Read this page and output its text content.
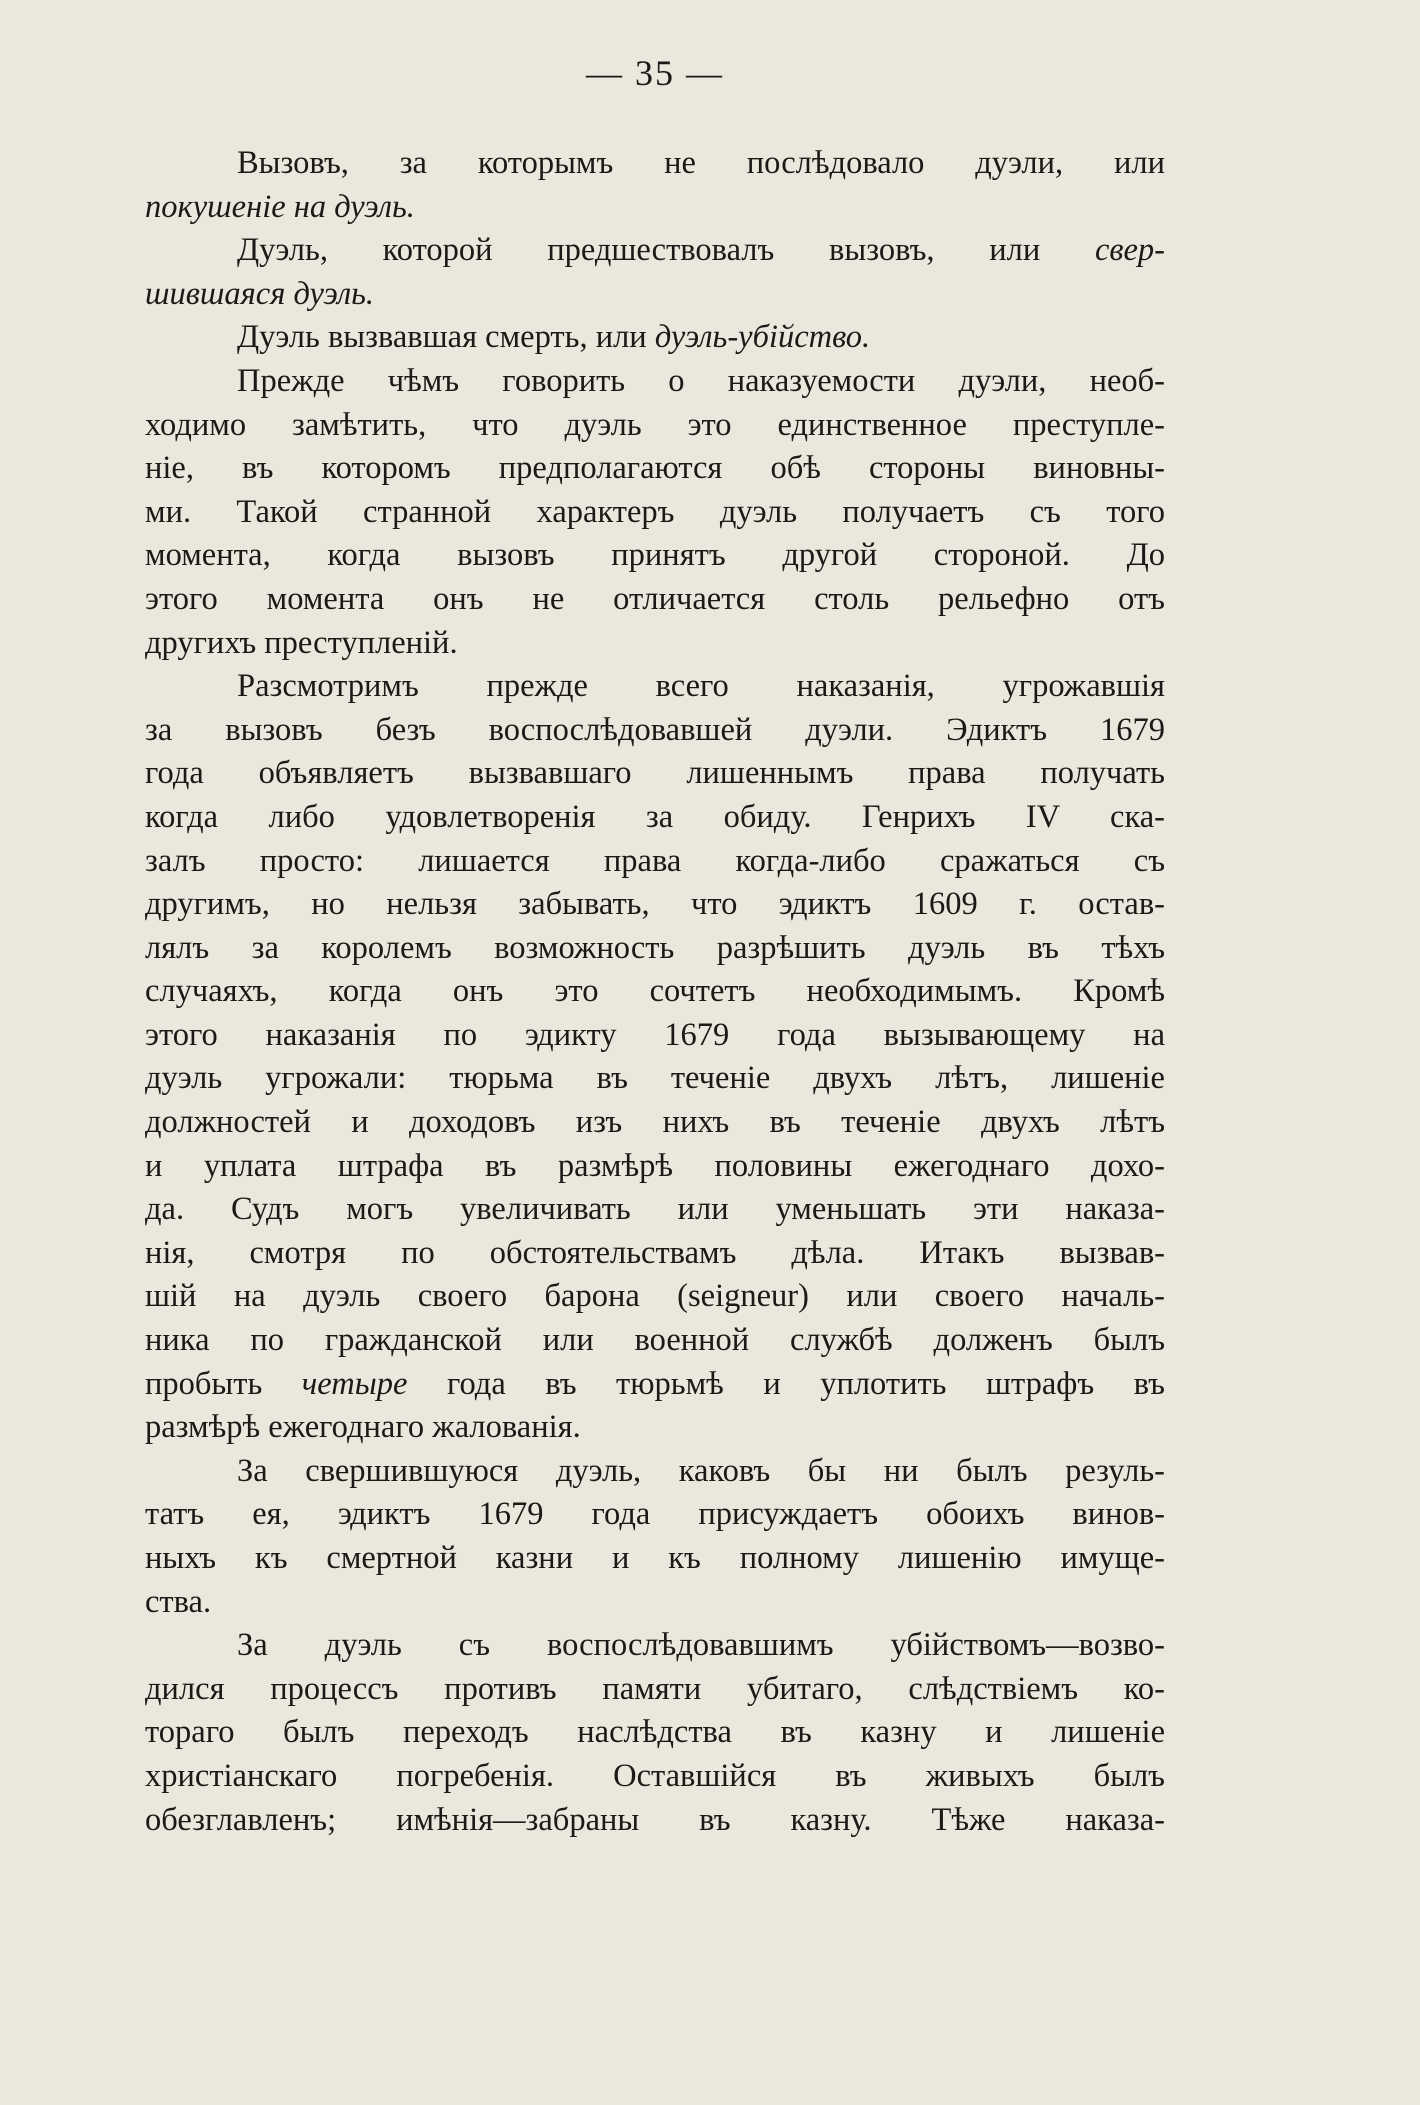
— 35 —
Вызовъ, за которымъ не послѣдовало дуэли, или
покушеніе на дуэль.
Дуэль, которой предшествовалъ вызовъ, или свер-
шившаяся дуэль.
Дуэль вызвавшая смерть, или дуэль-убійство.
Прежде чѣмъ говорить о наказуемости дуэли, необ-
ходимо замѣтить, что дуэль это единственное преступле-
ніе, въ которомъ предполагаются обѣ стороны виновны-
ми. Такой странной характеръ дуэль получаетъ съ того
момента, когда вызовъ принятъ другой стороной. До
этого момента онъ не отличается столь рельефно отъ
другихъ преступленій.
Разсмотримъ прежде всего наказанія, угрожавшія
за вызовъ безъ воспослѣдовавшей дуэли. Эдиктъ 1679
года объявляетъ вызвавшаго лишеннымъ права получать
когда либо удовлетворенія за обиду. Генрихъ IV ска-
залъ просто: лишается права когда-либо сражаться съ
другимъ, но нельзя забывать, что эдиктъ 1609 г. остав-
лялъ за королемъ возможность разрѣшить дуэль въ тѣхъ
случаяхъ, когда онъ это сочтетъ необходимымъ. Кромѣ
этого наказанія по эдикту 1679 года вызывающему на
дуэль угрожали: тюрьма въ теченіе двухъ лѣтъ, лишеніе
должностей и доходовъ изъ нихъ въ теченіе двухъ лѣтъ
и уплата штрафа въ размѣрѣ половины ежегоднаго дохо-
да. Судъ могъ увеличивать или уменьшать эти наказа-
нія, смотря по обстоятельствамъ дѣла. Итакъ вызвав-
шій на дуэль своего барона (seigneur) или своего началь-
ника по гражданской или военной службѣ долженъ былъ
пробыть четыре года въ тюрьмѣ и уплотить штрафъ въ
размѣрѣ ежегоднаго жалованія.
За свершившуюся дуэль, каковъ бы ни былъ резуль-
татъ ея, эдиктъ 1679 года присуждаетъ обоихъ винов-
ныхъ къ смертной казни и къ полному лишенію имуще-
ства.
За дуэль съ воспослѣдовавшимъ убійствомъ—возво-
дился процессъ противъ памяти убитаго, слѣдствіемъ ко-
тораго былъ переходъ наслѣдства въ казну и лишеніе
христіанскаго погребенія. Оставшійся въ живыхъ былъ
обезглавленъ; имѣнія—забраны въ казну. Тѣже наказа-
